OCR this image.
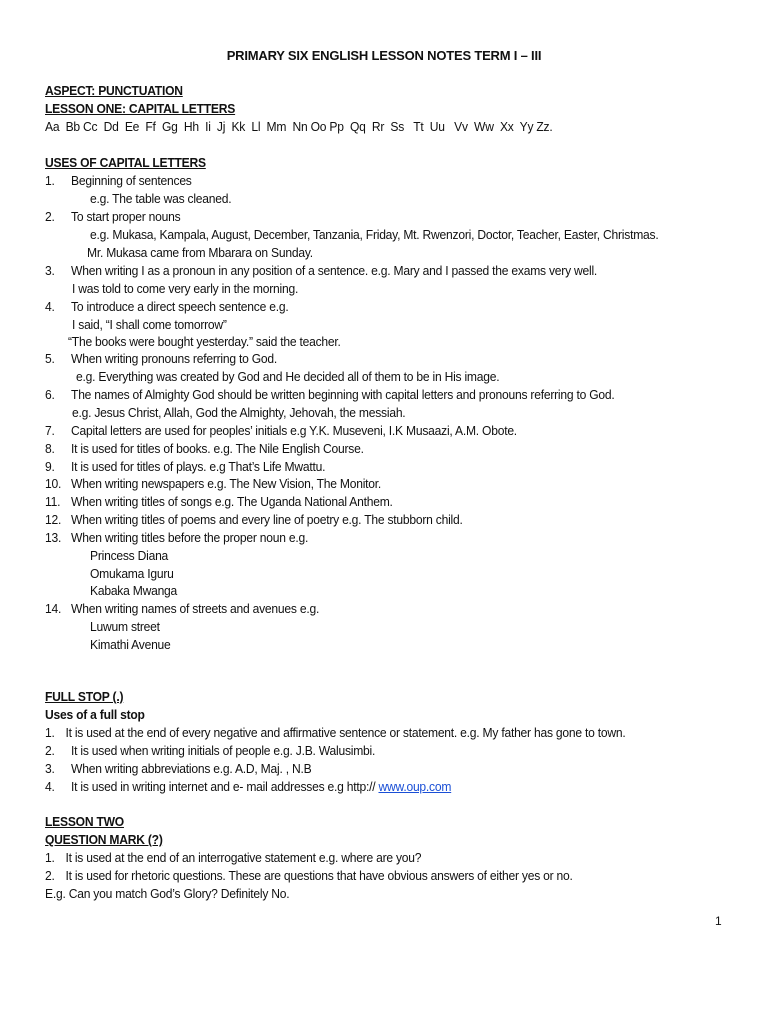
PRIMARY SIX ENGLISH LESSON NOTES TERM I – III
ASPECT: PUNCTUATION
LESSON ONE: CAPITAL LETTERS
Aa  Bb Cc  Dd  Ee  Ff  Gg  Hh  Ii  Jj  Kk  Ll  Mm  Nn Oo Pp  Qq  Rr  Ss   Tt  Uu   Vv  Ww  Xx  Yy Zz.
USES OF CAPITAL LETTERS
1. Beginning of sentences
e.g. The table was cleaned.
2. To start proper nouns
e.g. Mukasa, Kampala, August, December, Tanzania, Friday, Mt. Rwenzori, Doctor, Teacher, Easter, Christmas.
Mr. Mukasa came from Mbarara on Sunday.
3. When writing I as a pronoun in any position of a sentence. e.g. Mary and I passed the exams very well.
I was told to come very early in the morning.
4. To introduce a direct speech sentence e.g.
I said, “I shall come tomorrow”
“The books were bought yesterday.” said the teacher.
5. When writing pronouns referring to God.
e.g. Everything was created by God and He decided all of them to be in His image.
6. The names of Almighty God should be written beginning with capital letters and pronouns referring to God.
e.g. Jesus Christ, Allah, God the Almighty, Jehovah, the messiah.
7. Capital letters are used for peoples’ initials e.g Y.K. Museveni, I.K Musaazi, A.M. Obote.
8. It is used for titles of books. e.g. The Nile English Course.
9. It is used for titles of plays. e.g That’s Life Mwattu.
10. When writing newspapers e.g. The New Vision, The Monitor.
11. When writing titles of songs e.g. The Uganda National Anthem.
12. When writing titles of poems and every line of poetry e.g. The stubborn child.
13. When writing titles before the proper noun e.g.
Princess Diana
Omukama Iguru
Kabaka Mwanga
14. When writing names of streets and avenues e.g.
Luwum street
Kimathi Avenue
FULL STOP (.)
Uses of a full stop
1. It is used at the end of every negative and affirmative sentence or statement. e.g. My father has gone to town.
2. It is used when writing initials of people e.g. J.B. Walusimbi.
3. When writing abbreviations e.g. A.D, Maj. , N.B
4. It is used in writing internet and e- mail addresses e.g http:// www.oup.com
LESSON TWO
QUESTION MARK (?)
1. It is used at the end of an interrogative statement e.g. where are you?
2. It is used for rhetoric questions. These are questions that have obvious answers of either yes or no.
E.g. Can you match God’s Glory? Definitely No.
1
